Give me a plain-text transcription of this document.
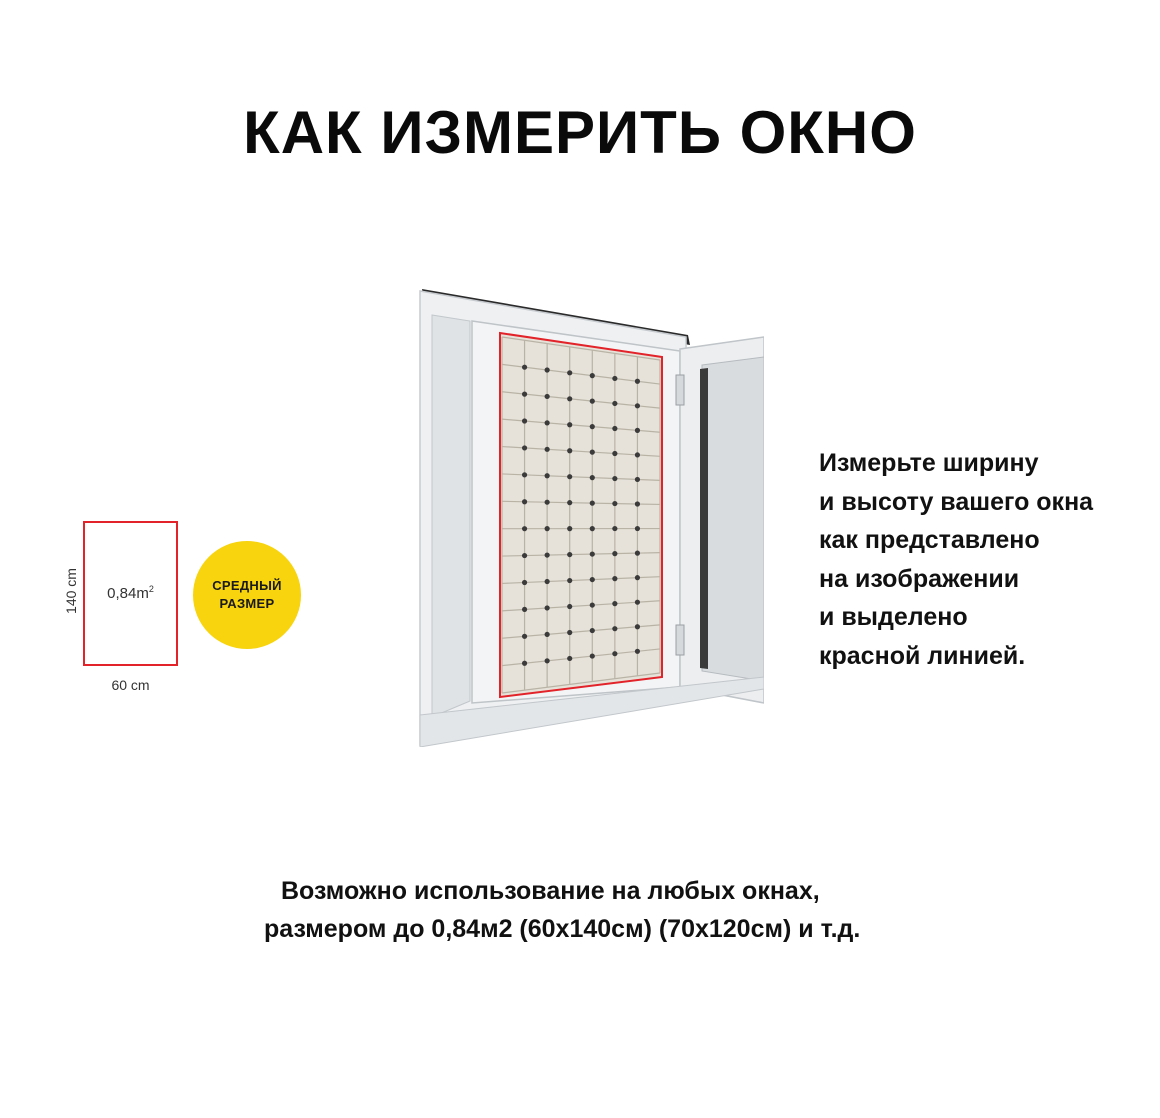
КАК ИЗМЕРИТЬ ОКНО
$0,84m^2$
140 cm
60 cm
СРЕДНЫЙ
РАЗМЕР
Измерьте ширину
и высоту вашего окна
как представлено
на изображении
и выделено
красной линией.
Возможно использование на любых окнах,
размером до 0,84м2 (60х140см) (70х120см) и т.д.
